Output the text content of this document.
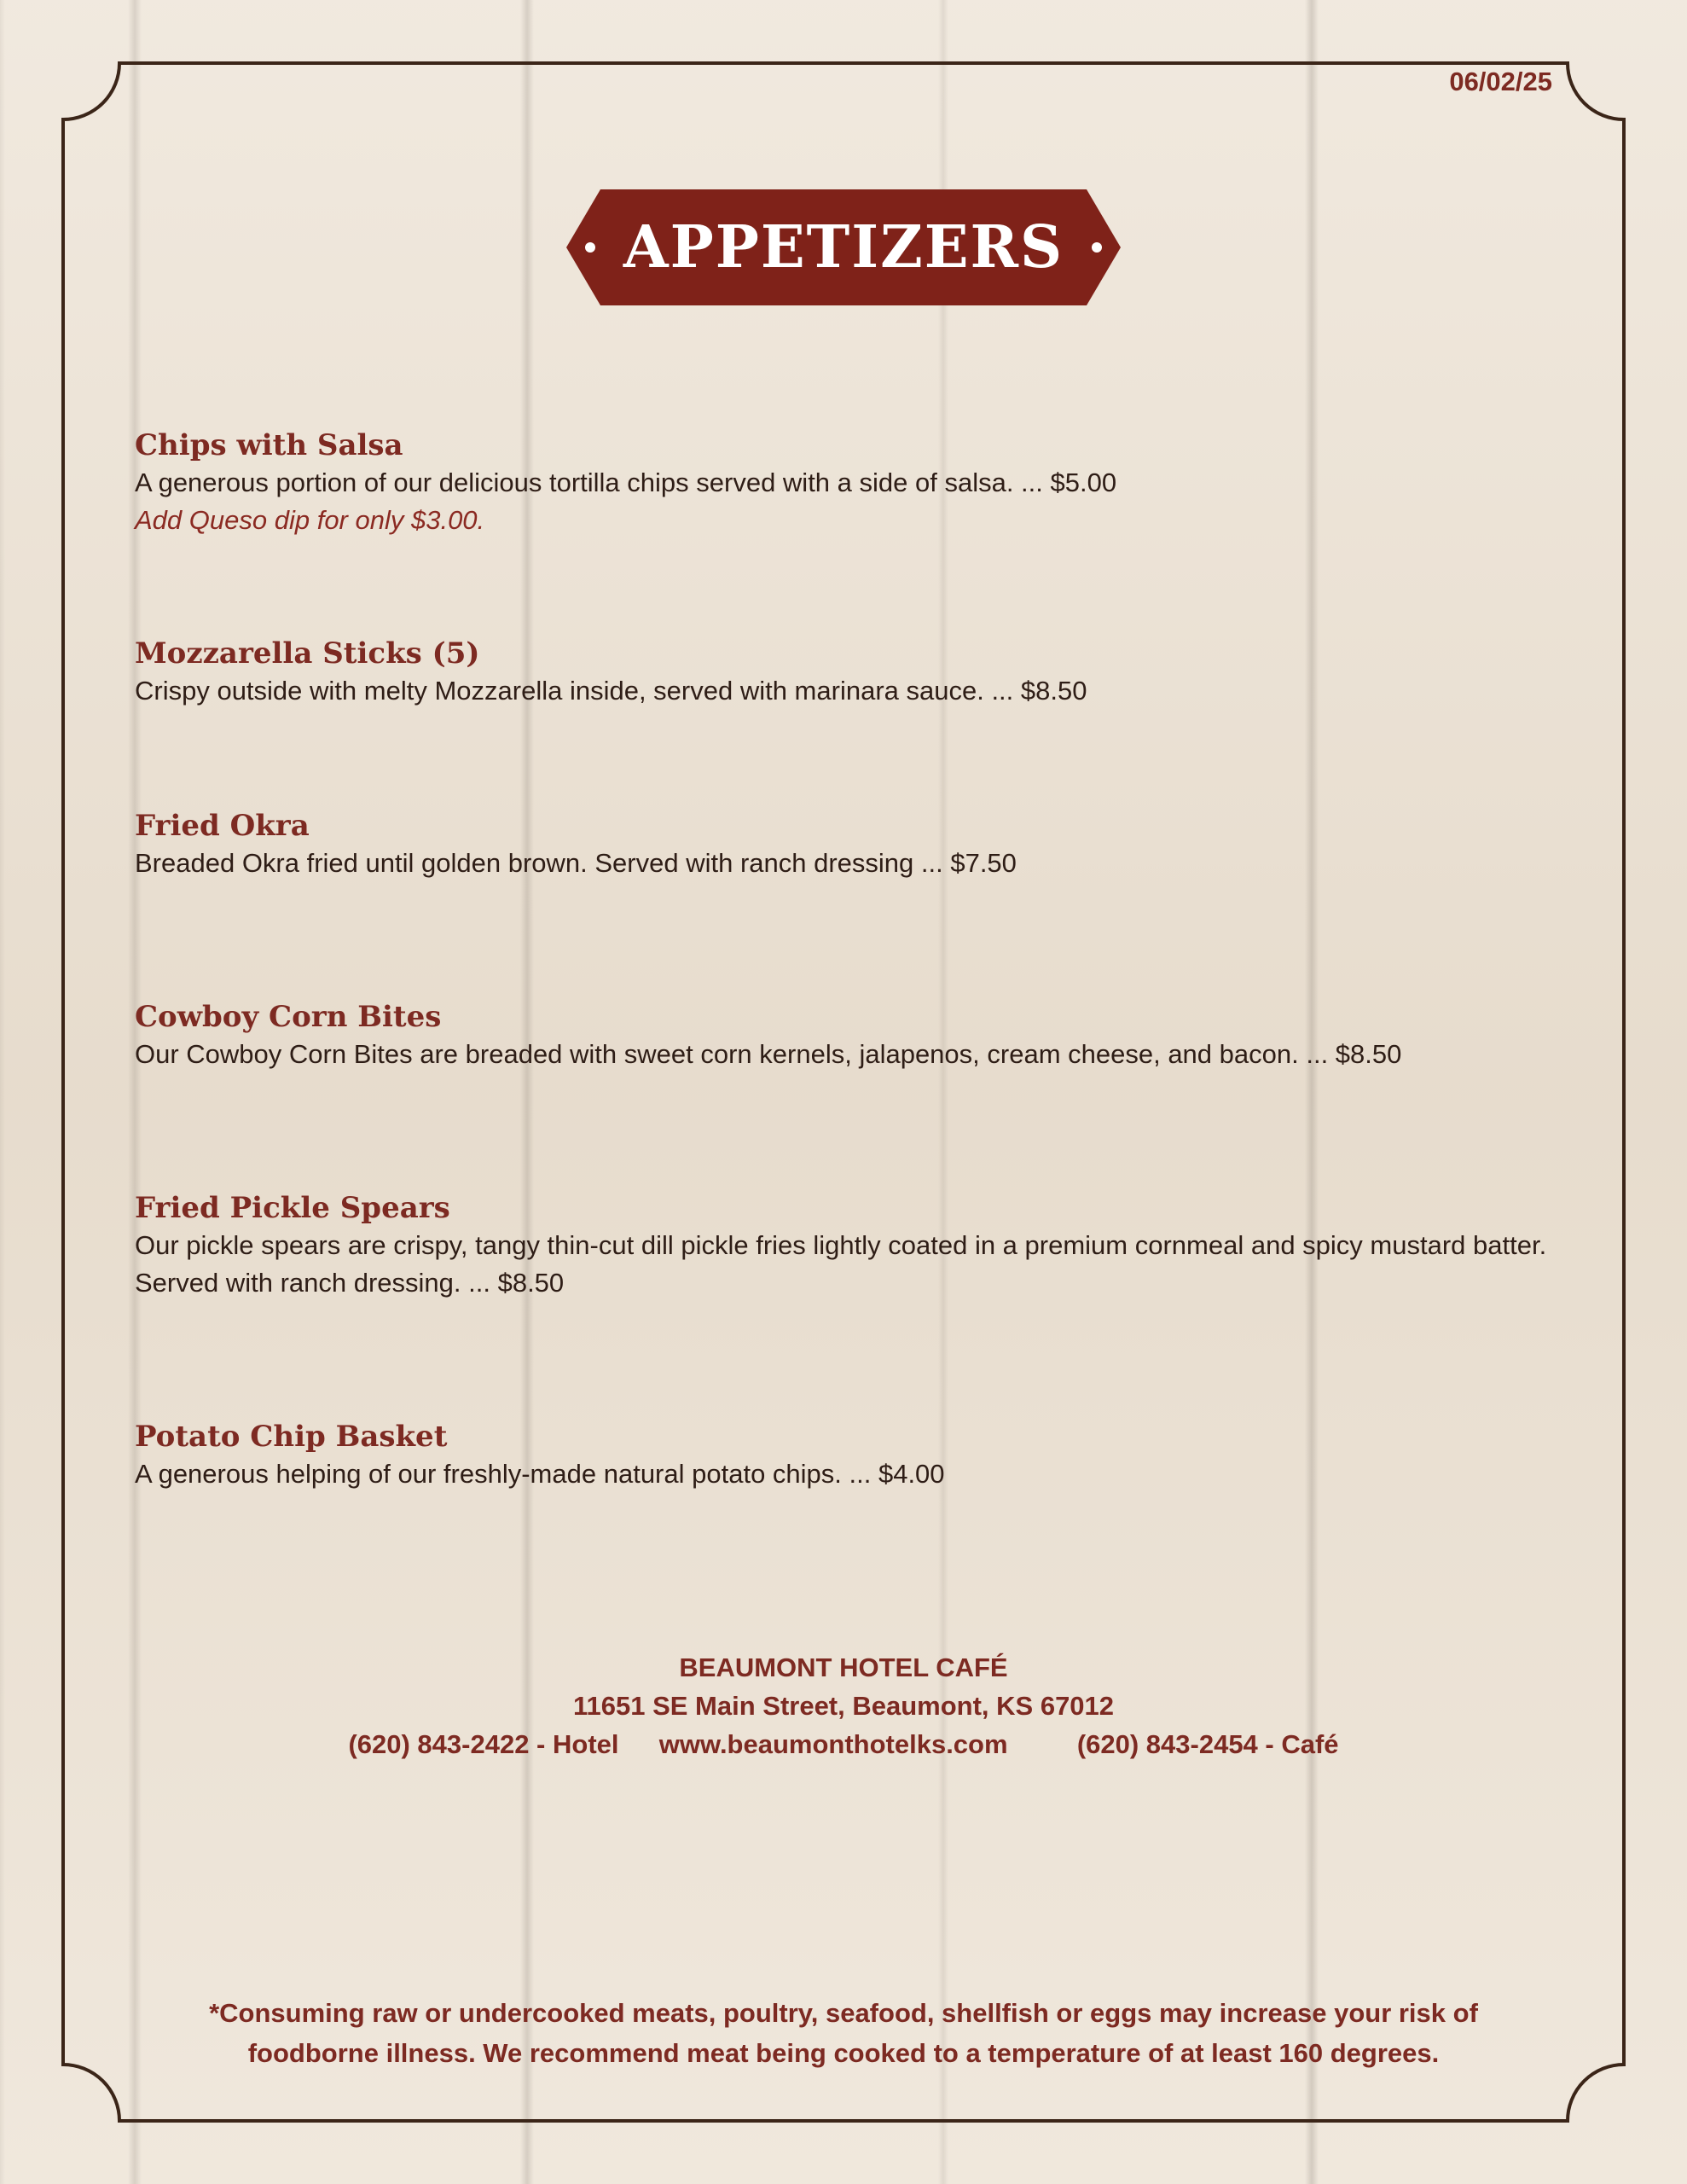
06/02/25
APPETIZERS
Chips with Salsa
A generous portion of our delicious tortilla chips served with a side of salsa. ... $5.00
Add Queso dip for only $3.00.
Mozzarella Sticks (5)
Crispy outside with melty Mozzarella inside, served with marinara sauce. ... $8.50
Fried Okra
Breaded Okra fried until golden brown. Served with ranch dressing ... $7.50
Cowboy Corn Bites
Our Cowboy Corn Bites are breaded with sweet corn kernels, jalapenos, cream cheese, and bacon. ... $8.50
Fried Pickle Spears
Our pickle spears are crispy, tangy thin-cut dill pickle fries lightly coated in a premium cornmeal and spicy mustard batter. Served with ranch dressing. ... $8.50
Potato Chip Basket
A generous helping of our freshly-made natural potato chips. ... $4.00
BEAUMONT HOTEL CAFÉ
11651 SE Main Street, Beaumont, KS 67012
(620) 843-2422 - Hotel www.beaumonthotelks.com	(620) 843-2454 - Café
*Consuming raw or undercooked meats, poultry, seafood, shellfish or eggs may increase your risk of
foodborne illness. We recommend meat being cooked to a temperature of at least 160 degrees.
